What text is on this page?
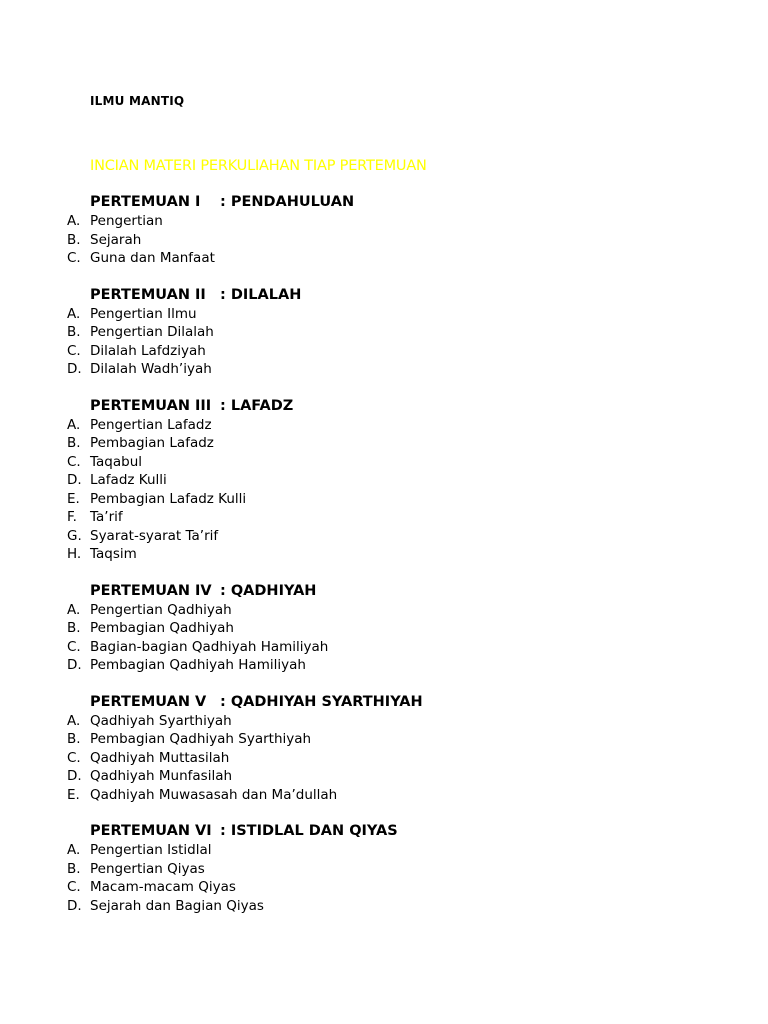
ILMU MANTIQ
INCIAN MATERI PERKULIAHAN TIAP PERTEMUAN
PERTEMUAN I : PENDAHULUAN
A. Pengertian
B. Sejarah
C. Guna dan Manfaat
PERTEMUAN II : DILALAH
A. Pengertian Ilmu
B. Pengertian Dilalah
C. Dilalah Lafdziyah
D. Dilalah Wadh’iyah
PERTEMUAN III : LAFADZ
A. Pengertian Lafadz
B. Pembagian Lafadz
C. Taqabul
D. Lafadz Kulli
E. Pembagian Lafadz Kulli
F. Ta’rif
G. Syarat-syarat Ta’rif
H. Taqsim
PERTEMUAN IV : QADHIYAH
A. Pengertian Qadhiyah
B. Pembagian Qadhiyah
C. Bagian-bagian Qadhiyah Hamiliyah
D. Pembagian Qadhiyah Hamiliyah
PERTEMUAN V : QADHIYAH SYARTHIYAH
A. Qadhiyah Syarthiyah
B. Pembagian Qadhiyah Syarthiyah
C. Qadhiyah Muttasilah
D. Qadhiyah Munfasilah
E. Qadhiyah Muwasasah dan Ma’dullah
PERTEMUAN VI : ISTIDLAL DAN QIYAS
A. Pengertian Istidlal
B. Pengertian Qiyas
C. Macam-macam Qiyas
D. Sejarah dan Bagian Qiyas
